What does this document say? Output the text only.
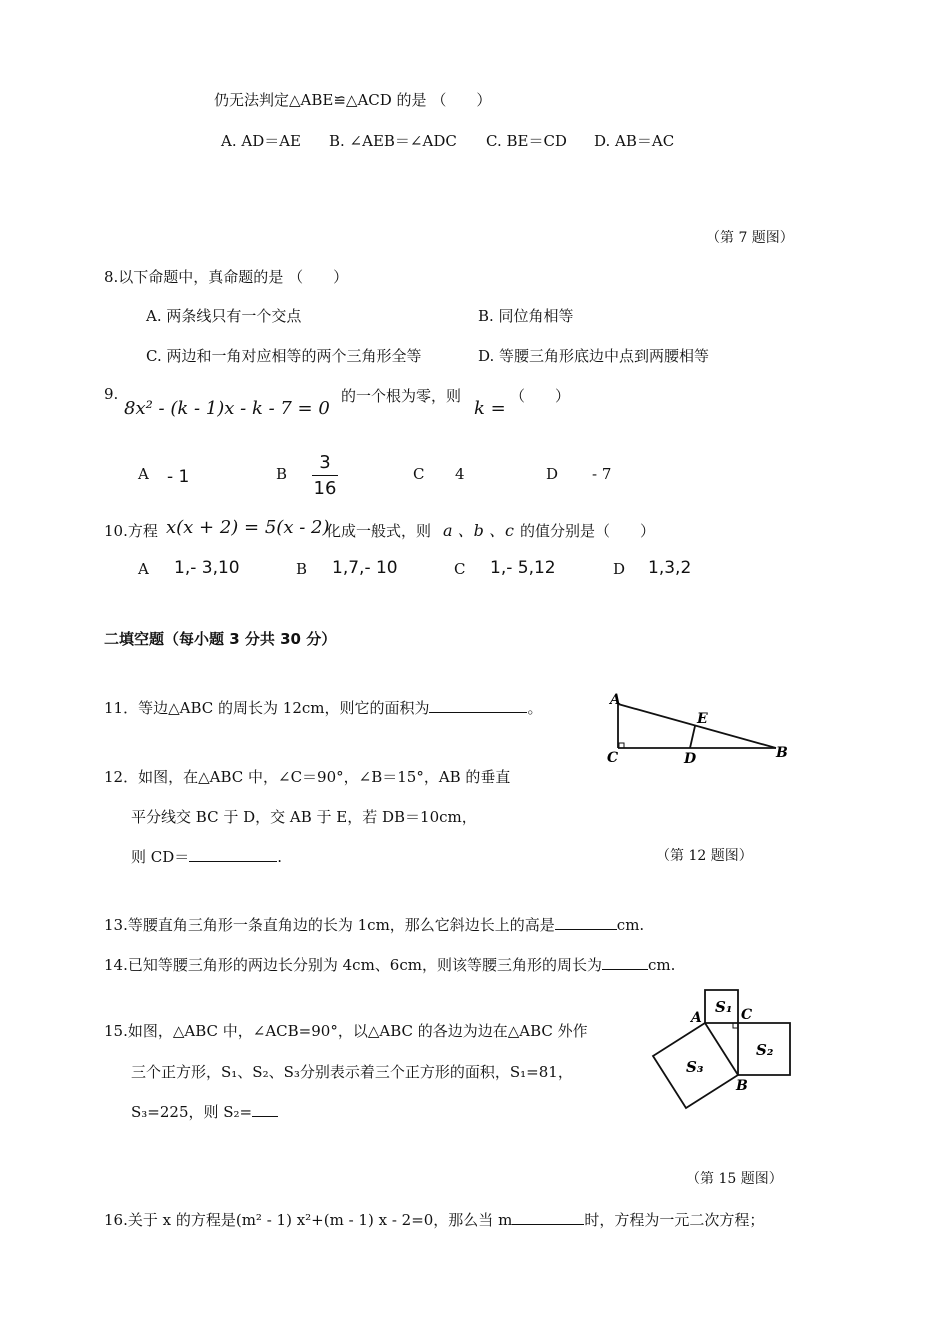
仍无法判定△ABE≌△ACD 的是 （　　）
A. AD＝AE B. ∠AEB＝∠ADC C. BE＝CD D. AB＝AC
（第 7 题图）
8.以下命题中，真命题的是 （　　）
A. 两条线只有一个交点	B. 同位角相等
C. 两边和一角对应相等的两个三角形全等	D. 等腰三角形底边中点到两腰相等
9.
8x² - (k - 1)x - k - 7 = 0
的一个根为零，则
k =
（　　）
A - 1	B
3
16
C 4	D - 7
10.方程 x(x + 2) = 5(x - 2)
化成一般式，则 a 、b 、c 的值分别是（　　）
A 1,- 3,10	B 1,7,- 10	C 1,- 5,12	D 1,3,2
二填空题（每小题 3 分共 30 分）
11．等边△ABC 的周长为 12cm，则它的面积为	。	A
E
C	D	B
12．如图，在△ABC 中，∠C＝90°，∠B＝15°，AB 的垂直
平分线交 BC 于 D，交 AB 于 E，若 DB＝10cm，
则 CD＝	.	（第 12 题图）
13.等腰直角三角形一条直角边的长为 1cm，那么它斜边长上的高是	cm.
14.已知等腰三角形的两边长分别为 4cm、6cm，则该等腰三角形的周长为	cm.
S₁
S₂
S₃
A	C
B
15.如图，△ABC 中，∠ACB=90°，以△ABC 的各边为边在△ABC 外作
三个正方形，S₁、S₂、S₃分别表示着三个正方形的面积，S₁=81，
S₃=225，则 S₂=
（第 15 题图）
16.关于 x 的方程是(m² - 1) x²+(m - 1) x - 2=0，那么当 m	时，方程为一元二次方程；
